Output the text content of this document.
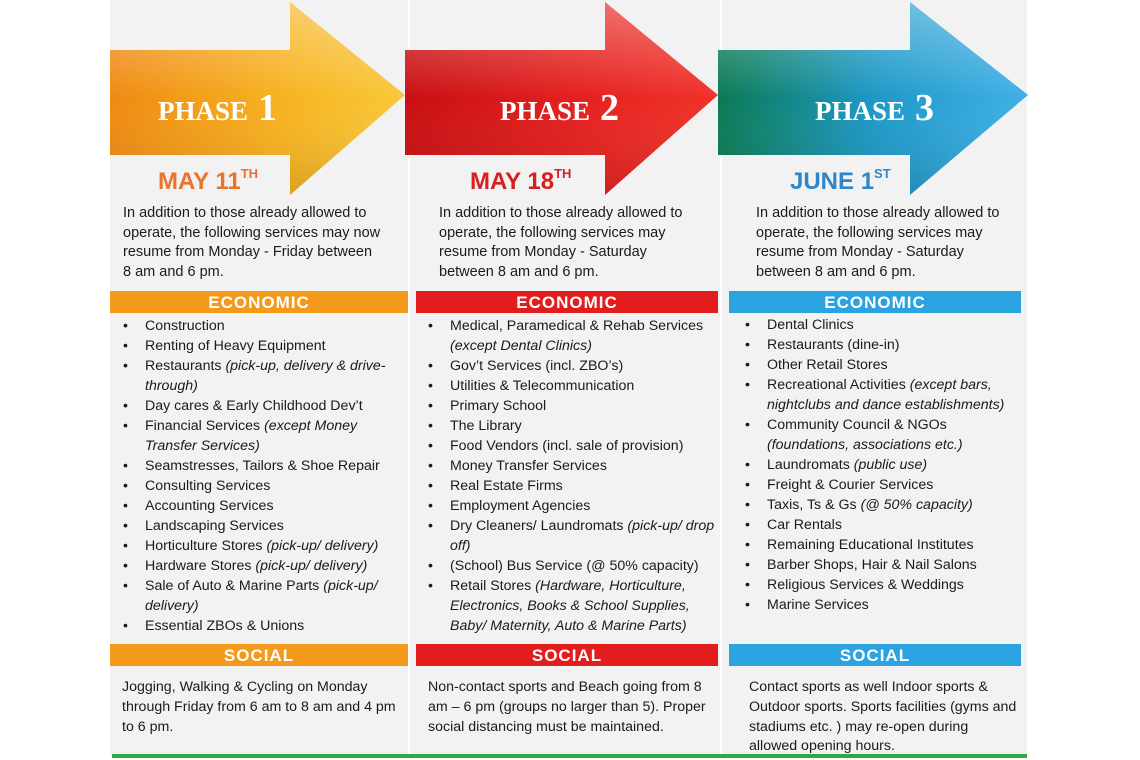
PHASE 1	PHASE 2	PHASE 3
MAY 11TH
In addition to those already allowed to
operate, the following services may now
resume from Monday - Friday between
8 am and 6 pm.
ECONOMIC
• Construction
• Renting of Heavy Equipment
• Restaurants (pick-up, delivery & drive-through)
• Day cares & Early Childhood Dev’t
• Financial Services (except Money Transfer Services)
• Seamstresses, Tailors & Shoe Repair
• Consulting Services
• Accounting Services
• Landscaping Services
• Horticulture Stores (pick-up/ delivery)
• Hardware Stores (pick-up/ delivery)
• Sale of Auto & Marine Parts (pick-up/ delivery)
• Essential ZBOs & Unions
SOCIAL
Jogging, Walking & Cycling on Monday through Friday from 6 am to 8 am and 4 pm to 6 pm.
MAY 18TH
In addition to those already allowed to
operate, the following services may
resume from Monday - Saturday
between 8 am and 6 pm.
ECONOMIC
• Medical, Paramedical & Rehab Services (except Dental Clinics)
• Gov’t Services (incl. ZBO’s)
• Utilities & Telecommunication
• Primary School
• The Library
• Food Vendors (incl. sale of provision)
• Money Transfer Services
• Real Estate Firms
• Employment Agencies
• Dry Cleaners/ Laundromats (pick-up/ drop off)
• (School) Bus Service (@ 50% capacity)
• Retail Stores (Hardware, Horticulture, Electronics, Books & School Supplies, Baby/ Maternity, Auto & Marine Parts)
SOCIAL
Non-contact sports and Beach going from 8 am – 6 pm (groups no larger than 5). Proper social distancing must be maintained.
JUNE 1ST
In addition to those already allowed to
operate, the following services may
resume from Monday - Saturday
between 8 am and 6 pm.
ECONOMIC
• Dental Clinics
• Restaurants (dine-in)
• Other Retail Stores
• Recreational Activities (except bars, nightclubs and dance establishments)
• Community Council & NGOs (foundations, associations etc.)
• Laundromats (public use)
• Freight & Courier Services
• Taxis, Ts & Gs (@ 50% capacity)
• Car Rentals
• Remaining Educational Institutes
• Barber Shops, Hair & Nail Salons
• Religious Services & Weddings
• Marine Services
SOCIAL
Contact sports as well Indoor sports & Outdoor sports. Sports facilities (gyms and stadiums etc. ) may re-open during allowed opening hours.
